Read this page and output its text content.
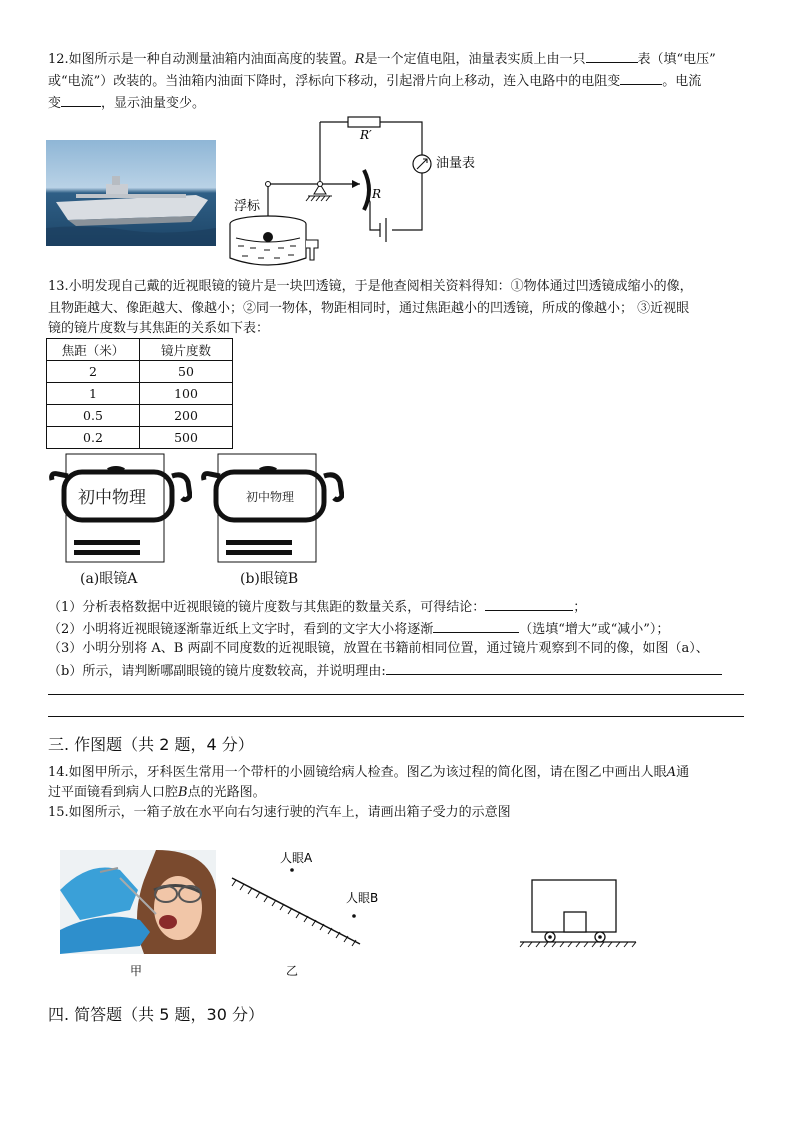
12.如图所示是一种自动测量油箱内油面高度的装置。R是一个定值电阻，油量表实质上由一只	表（填“电压”
或“电流”）改装的。当油箱内油面下降时，浮标向下移动，引起滑片向上移动，连入电路中的电阻变	。电流
变	，显示油量变少。
R′
油量表
R
浮标
13.小明发现自己戴的近视眼镜的镜片是一块凹透镜，于是他查阅相关资料得知：①物体通过凹透镜成缩小的像，
且物距越大、像距越大、像越小；②同一物体，物距相同时，通过焦距越小的凹透镜，所成的像越小； ③近视眼
镜的镜片度数与其焦距的关系如下表：
焦距（米）	镜片度数
2	50
1	100
0.5	200
0.2	500
初中物理
(a)眼镜A
初中物理
(b)眼镜B
（1）分析表格数据中近视眼镜的镜片度数与其焦距的数量关系，可得结论：	；
（2）小明将近视眼镜逐渐靠近纸上文字时，看到的文字大小将逐渐	（选填“增大”或“减小”）；
（3）小明分别将 A、B 两副不同度数的近视眼镜，放置在书籍前相同位置，通过镜片观察到不同的像，如图（a）、
（b）所示，请判断哪副眼镜的镜片度数较高，并说明理由:
三. 作图题（共 2 题，4 分）
14.如图甲所示，牙科医生常用一个带杆的小圆镜给病人检查。图乙为该过程的简化图，请在图乙中画出人眼A通
过平面镜看到病人口腔B点的光路图。
15.如图所示，一箱子放在水平向右匀速行驶的汽车上，请画出箱子受力的示意图
甲
人眼A
人眼B
乙
四. 简答题（共 5 题，30 分）
